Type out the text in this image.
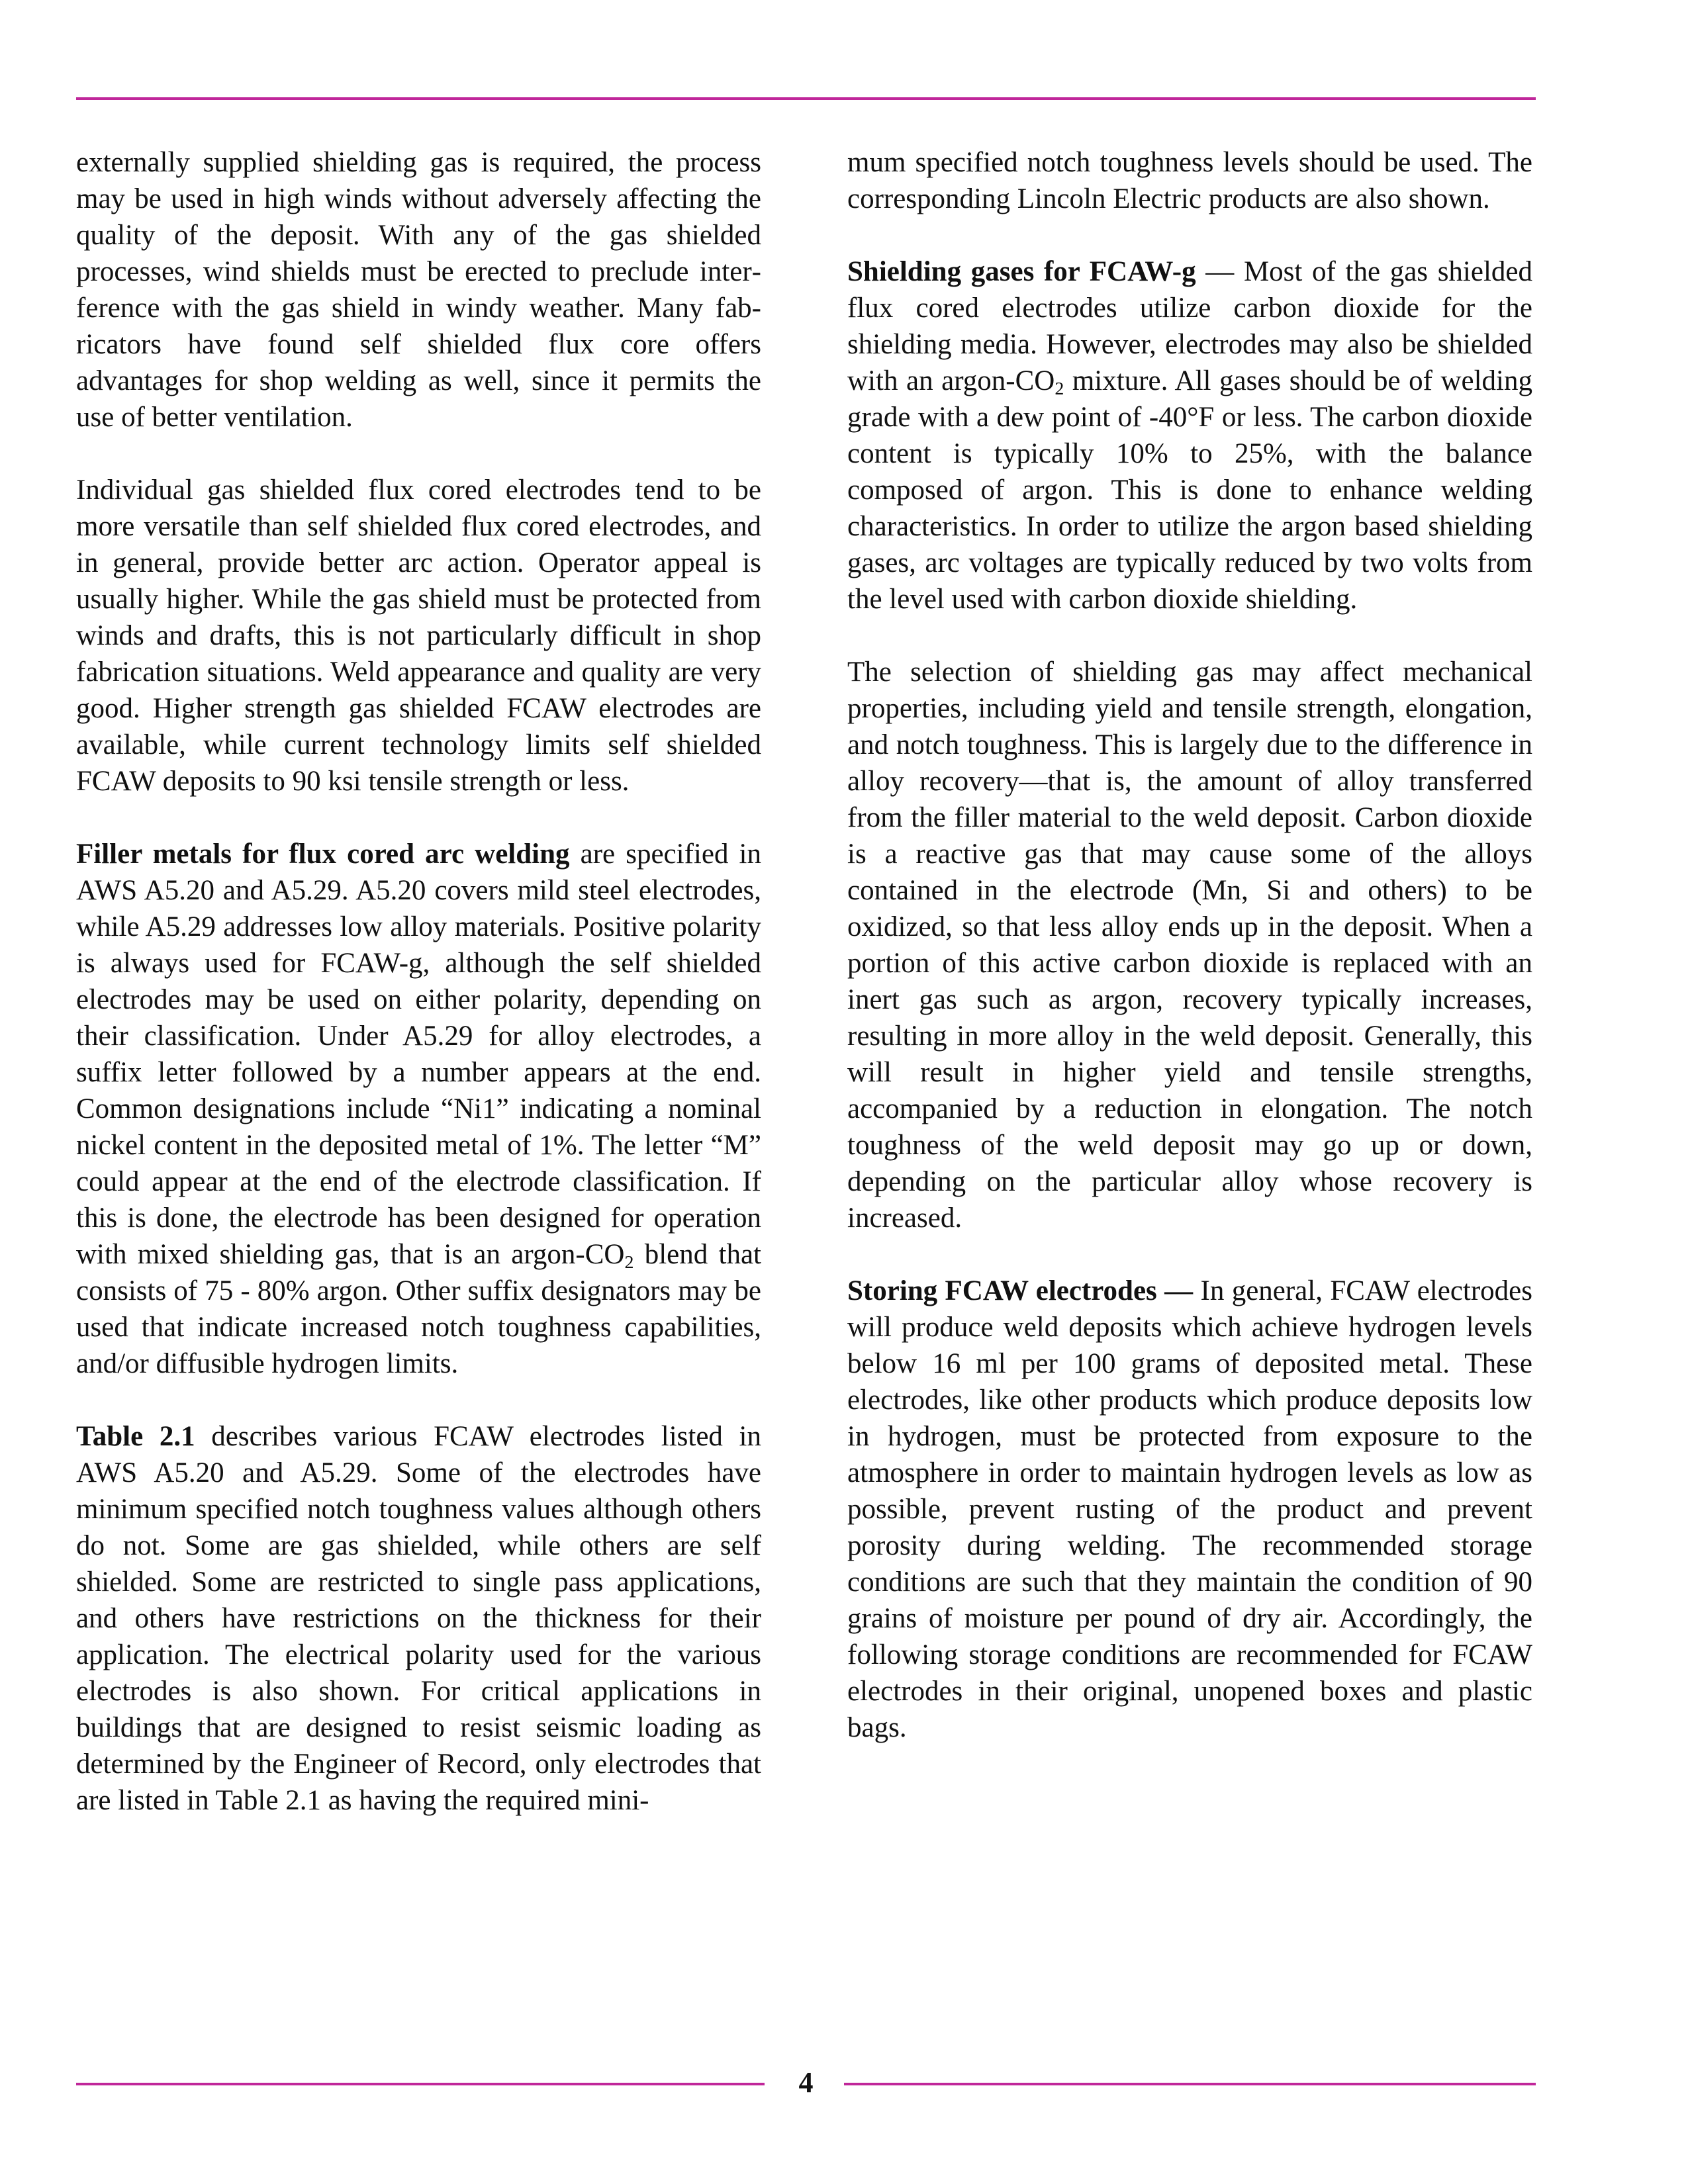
externally supplied shielding gas is required, the process may be used in high winds without adversely affecting the quality of the deposit. With any of the gas shielded processes, wind shields must be erected to preclude interference with the gas shield in windy weather. Many fabricators have found self shielded flux core offers advantages for shop welding as well, since it permits the use of better ventilation.

Individual gas shielded flux cored electrodes tend to be more versatile than self shielded flux cored electrodes, and in general, provide better arc action. Operator appeal is usually higher. While the gas shield must be protected from winds and drafts, this is not particularly difficult in shop fabrication situations. Weld appearance and quality are very good. Higher strength gas shielded FCAW electrodes are available, while current technology limits self shielded FCAW deposits to 90 ksi tensile strength or less.

Filler metals for flux cored arc welding are specified in AWS A5.20 and A5.29. A5.20 covers mild steel electrodes, while A5.29 addresses low alloy materials. Positive polarity is always used for FCAW-g, although the self shielded electrodes may be used on either polarity, depending on their classification. Under A5.29 for alloy electrodes, a suffix letter followed by a number appears at the end. Common designations include “Ni1” indicating a nominal nickel content in the deposited metal of 1%. The letter “M” could appear at the end of the electrode classification. If this is done, the electrode has been designed for operation with mixed shielding gas, that is an argon-$CO_2$ blend that consists of 75 - 80% argon. Other suffix designators may be used that indicate increased notch toughness capabilities, and/or diffusible hydrogen limits.

Table 2.1 describes various FCAW electrodes listed in AWS A5.20 and A5.29. Some of the electrodes have minimum specified notch toughness values although others do not. Some are gas shielded, while others are self shielded. Some are restricted to single pass applications, and others have restrictions on the thickness for their application. The electrical polarity used for the various electrodes is also shown. For critical applications in buildings that are designed to resist seismic loading as determined by the Engineer of Record, only electrodes that are listed in Table 2.1 as having the required mini-

mum specified notch toughness levels should be used. The corresponding Lincoln Electric products are also shown.

Shielding gases for FCAW-g — Most of the gas shielded flux cored electrodes utilize carbon dioxide for the shielding media. However, electrodes may also be shielded with an argon-$CO_2$ mixture. All gases should be of welding grade with a dew point of -40°F or less. The carbon dioxide content is typically 10% to 25%, with the balance composed of argon. This is done to enhance welding characteristics. In order to utilize the argon based shielding gases, arc voltages are typically reduced by two volts from the level used with carbon dioxide shielding.

The selection of shielding gas may affect mechanical properties, including yield and tensile strength, elongation, and notch toughness. This is largely due to the difference in alloy recovery—that is, the amount of alloy transferred from the filler material to the weld deposit. Carbon dioxide is a reactive gas that may cause some of the alloys contained in the electrode (Mn, Si and others) to be oxidized, so that less alloy ends up in the deposit. When a portion of this active carbon dioxide is replaced with an inert gas such as argon, recovery typically increases, resulting in more alloy in the weld deposit. Generally, this will result in higher yield and tensile strengths, accompanied by a reduction in elongation. The notch toughness of the weld deposit may go up or down, depending on the particular alloy whose recovery is increased.

Storing FCAW electrodes — In general, FCAW electrodes will produce weld deposits which achieve hydrogen levels below 16 ml per 100 grams of deposited metal. These electrodes, like other products which produce deposits low in hydrogen, must be protected from exposure to the atmosphere in order to maintain hydrogen levels as low as possible, prevent rusting of the product and prevent porosity during welding. The recommended storage conditions are such that they maintain the condition of 90 grains of moisture per pound of dry air. Accordingly, the following storage conditions are recommended for FCAW electrodes in their original, unopened boxes and plastic bags.

4
